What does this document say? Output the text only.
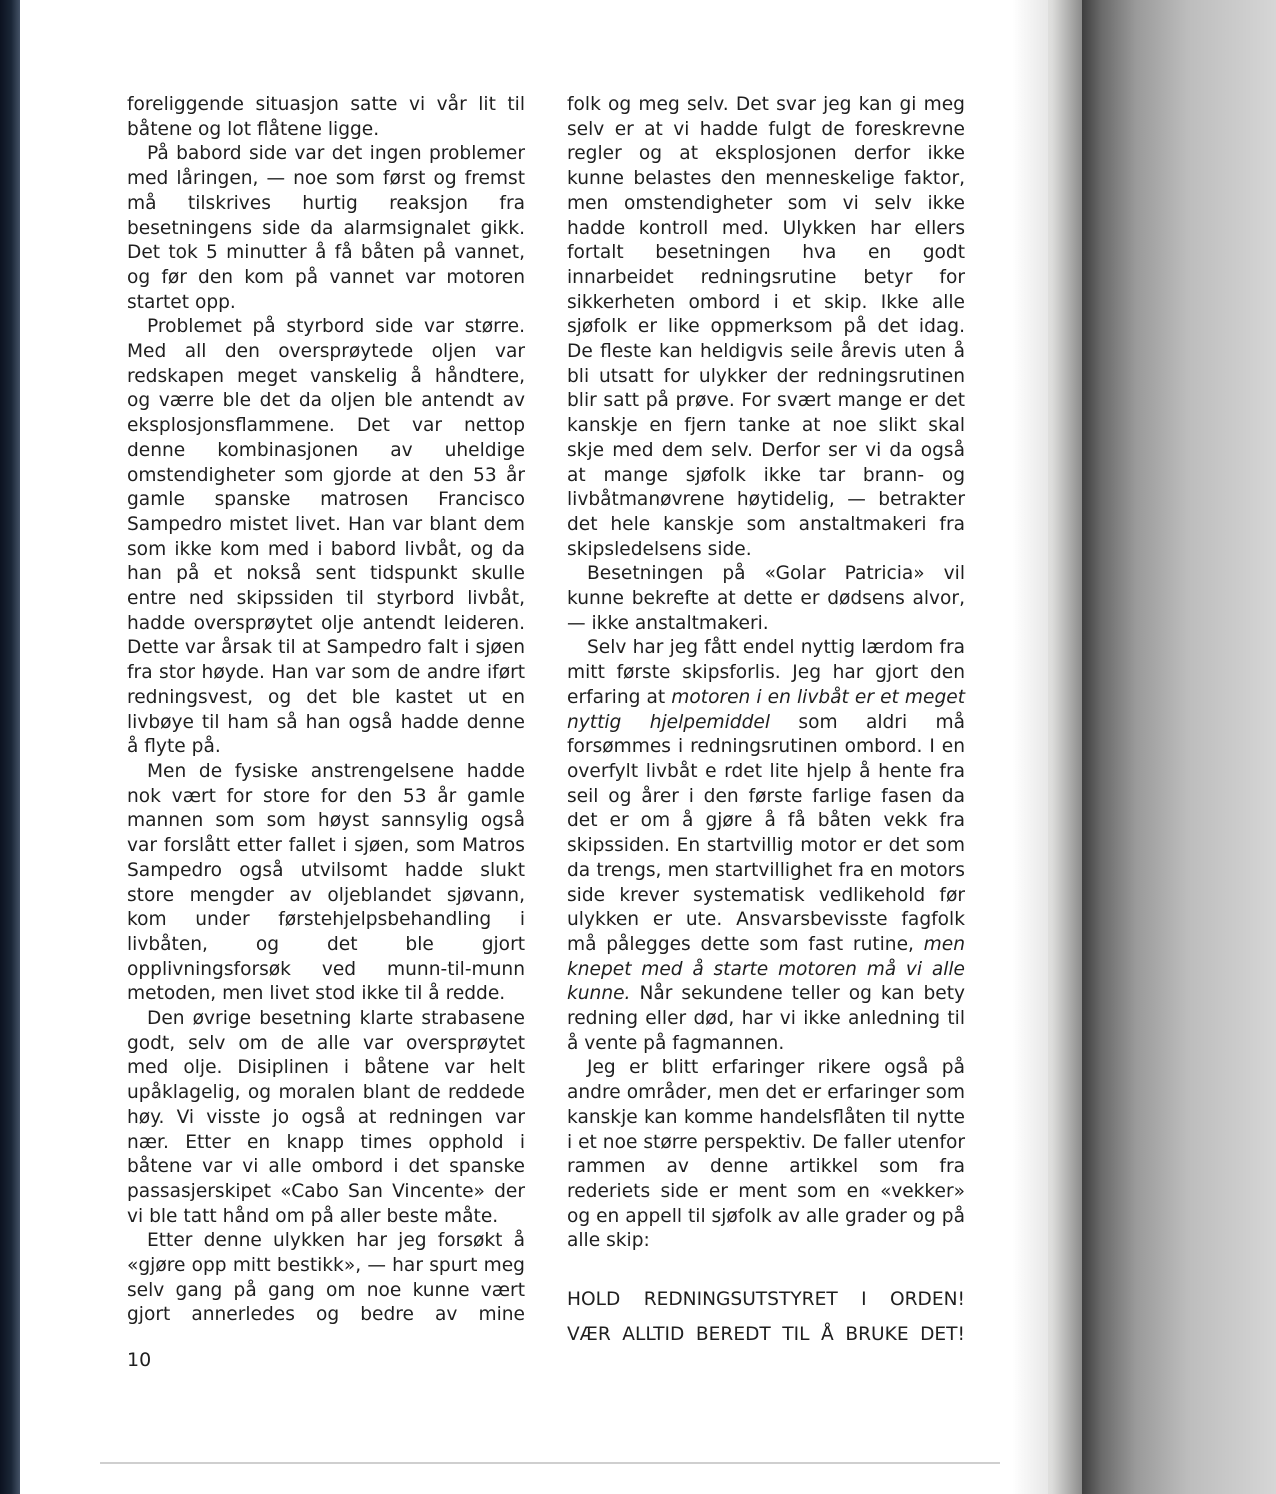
foreliggende situasjon satte vi vår lit til båtene og lot flåtene ligge.

På babord side var det ingen problemer med låringen, — noe som først og fremst må tilskrives hurtig reaksjon fra besetningens side da alarmsignalet gikk. Det tok 5 minutter å få båten på vannet, og før den kom på vannet var motoren startet opp.

Problemet på styrbord side var større. Med all den oversprøytede oljen var redskapen meget vanskelig å håndtere, og værre ble det da oljen ble antendt av eksplosjonsflammene. Det var nettop denne kombinasjonen av uheldige omstendigheter som gjorde at den 53 år gamle spanske matrosen Francisco Sampedro mistet livet. Han var blant dem som ikke kom med i babord livbåt, og da han på et nokså sent tidspunkt skulle entre ned skipssiden til styrbord livbåt, hadde oversprøytet olje antendt leideren. Dette var årsak til at Sampedro falt i sjøen fra stor høyde. Han var som de andre iført redningsvest, og det ble kastet ut en livbøye til ham så han også hadde denne å flyte på.

Men de fysiske anstrengelsene hadde nok vært for store for den 53 år gamle mannen som som høyst sannsylig også var forslått etter fallet i sjøen, som Matros Sampedro også utvilsomt hadde slukt store mengder av oljeblandet sjøvann, kom under førstehjelpsbehandling i livbåten, og det ble gjort opplivningsforsøk ved munn-til-munn metoden, men livet stod ikke til å redde.

Den øvrige besetning klarte strabasene godt, selv om de alle var oversprøytet med olje. Disiplinen i båtene var helt upåklagelig, og moralen blant de reddede høy. Vi visste jo også at redningen var nær. Etter en knapp times opphold i båtene var vi alle ombord i det spanske passasjerskipet «Cabo San Vincente» der vi ble tatt hånd om på aller beste måte.

Etter denne ulykken har jeg forsøkt å «gjøre opp mitt bestikk», — har spurt meg selv gang på gang om noe kunne vært gjort annerledes og bedre av mine

folk og meg selv. Det svar jeg kan gi meg selv er at vi hadde fulgt de foreskrevne regler og at eksplosjonen derfor ikke kunne belastes den menneskelige faktor, men omstendigheter som vi selv ikke hadde kontroll med. Ulykken har ellers fortalt besetningen hva en godt innarbeidet redningsrutine betyr for sikkerheten ombord i et skip. Ikke alle sjøfolk er like oppmerksom på det idag. De fleste kan heldigvis seile årevis uten å bli utsatt for ulykker der redningsrutinen blir satt på prøve. For svært mange er det kanskje en fjern tanke at noe slikt skal skje med dem selv. Derfor ser vi da også at mange sjøfolk ikke tar brann- og livbåtmanøvrene høytidelig, — betrakter det hele kanskje som anstaltmakeri fra skipsledelsens side.

Besetningen på «Golar Patricia» vil kunne bekrefte at dette er dødsens alvor, — ikke anstaltmakeri.

Selv har jeg fått endel nyttig lærdom fra mitt første skipsforlis. Jeg har gjort den erfaring at motoren i en livbåt er et meget nyttig hjelpemiddel som aldri må forsømmes i redningsrutinen ombord. I en overfylt livbåt e rdet lite hjelp å hente fra seil og årer i den første farlige fasen da det er om å gjøre å få båten vekk fra skipssiden. En startvillig motor er det som da trengs, men startvillighet fra en motors side krever systematisk vedlikehold før ulykken er ute. Ansvarsbevisste fagfolk må pålegges dette som fast rutine, men knepet med å starte motoren må vi alle kunne. Når sekundene teller og kan bety redning eller død, har vi ikke anledning til å vente på fagmannen.

Jeg er blitt erfaringer rikere også på andre områder, men det er erfaringer som kanskje kan komme handelsflåten til nytte i et noe større perspektiv. De faller utenfor rammen av denne artikkel som fra rederiets side er ment som en «vekker» og en appell til sjøfolk av alle grader og på alle skip:

HOLD REDNINGSUTSTYRET I ORDEN!

VÆR ALLTID BEREDT TIL Å BRUKE DET!

10
